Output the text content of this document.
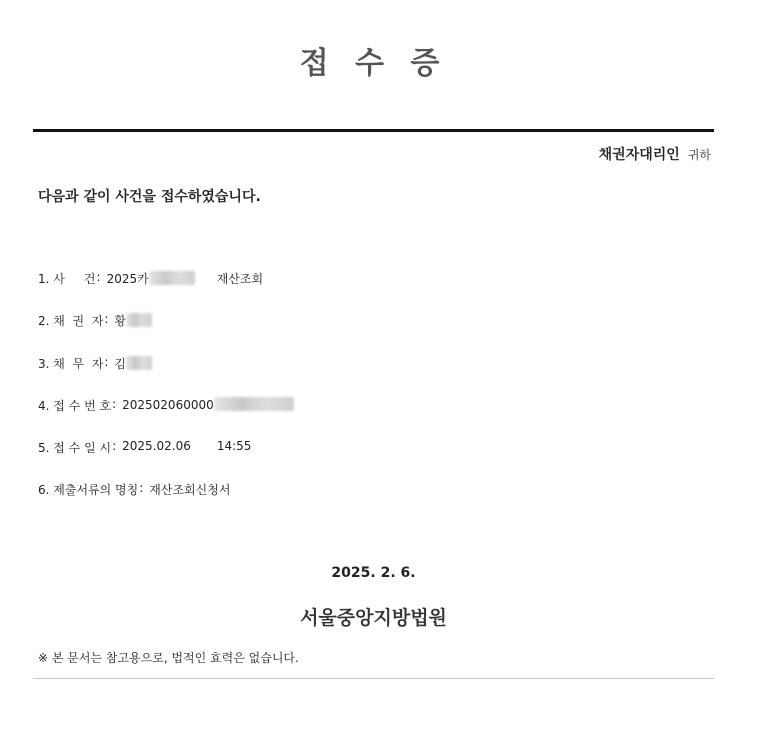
접 수 증
채권자대리인 귀하
다음과 같이 사건을 접수하였습니다.
1. 사     건 : 2025카	재산조회
2. 채  권  자 : 황
3. 채  무  자 : 김
4. 접 수 번 호 : 202502060000
5. 접 수 일 시 : 2025.02.06 14:55
6. 제출서류의 명칭 : 재산조회신청서
2025. 2. 6.
서울중앙지방법원
※ 본 문서는 참고용으로, 법적인 효력은 없습니다.
